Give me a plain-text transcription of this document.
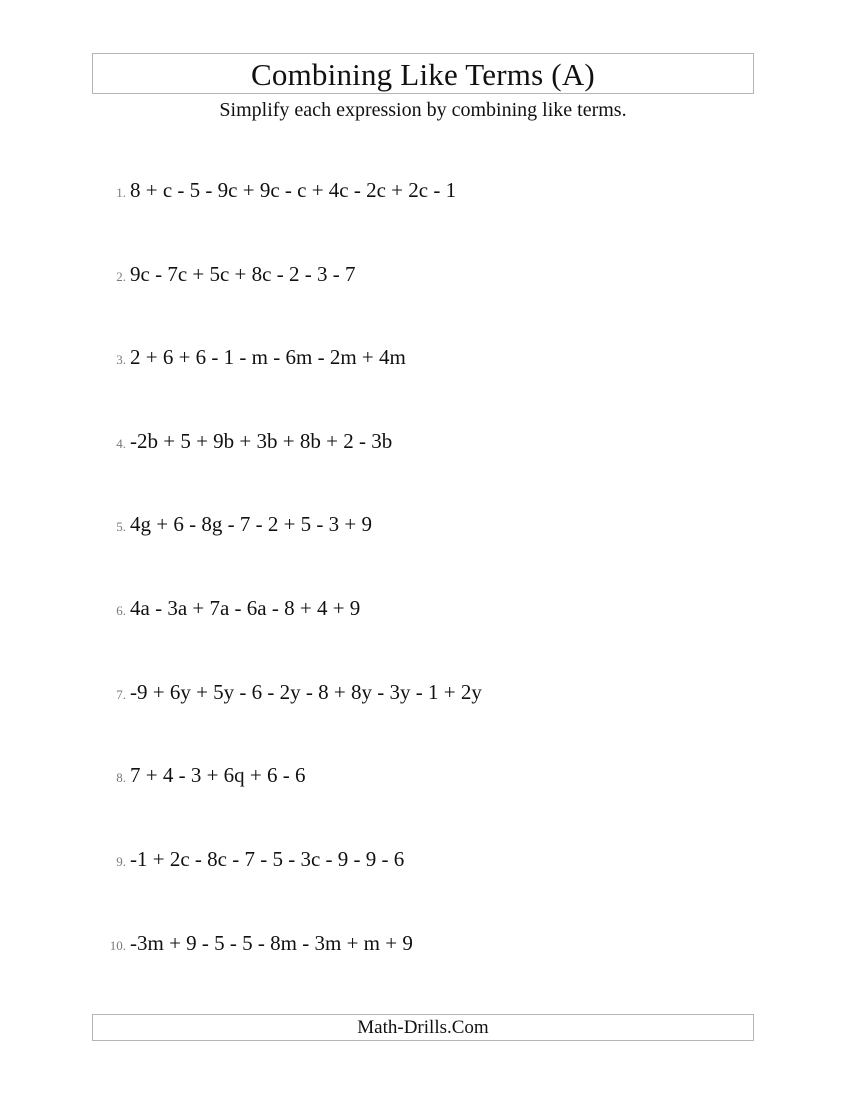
Combining Like Terms (A)
Simplify each expression by combining like terms.
1. 8 + c - 5 - 9c + 9c - c + 4c - 2c + 2c - 1
2. 9c - 7c + 5c + 8c - 2 - 3 - 7
3. 2 + 6 + 6 - 1 - m - 6m - 2m + 4m
4. -2b + 5 + 9b + 3b + 8b + 2 - 3b
5. 4g + 6 - 8g - 7 - 2 + 5 - 3 + 9
6. 4a - 3a + 7a - 6a - 8 + 4 + 9
7. -9 + 6y + 5y - 6 - 2y - 8 + 8y - 3y - 1 + 2y
8. 7 + 4 - 3 + 6q + 6 - 6
9. -1 + 2c - 8c - 7 - 5 - 3c - 9 - 9 - 6
10. -3m + 9 - 5 - 5 - 8m - 3m + m + 9
Math-Drills.Com
